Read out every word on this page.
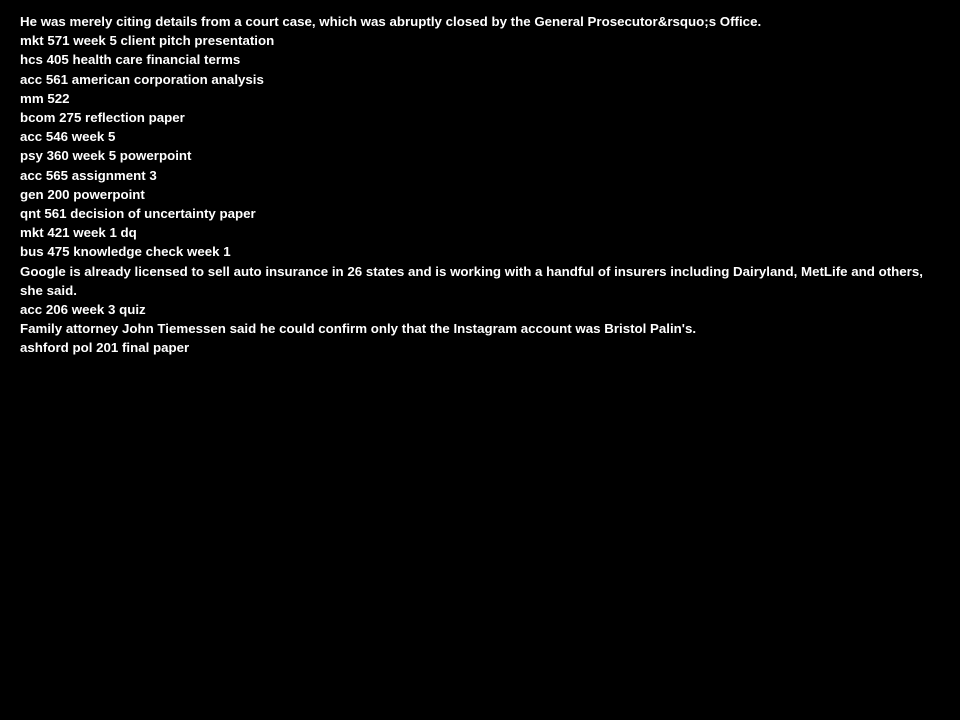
He was merely citing details from a court case, which was abruptly closed by the General Prosecutor&rsquo;s Office.
mkt 571 week 5 client pitch presentation
hcs 405 health care financial terms
acc 561 american corporation analysis
mm 522
bcom 275 reflection paper
acc 546 week 5
psy 360 week 5 powerpoint
acc 565 assignment 3
gen 200 powerpoint
qnt 561 decision of uncertainty paper
mkt 421 week 1 dq
bus 475 knowledge check week 1
Google is already licensed to sell auto insurance in 26 states and is working with a handful of insurers including Dairyland, MetLife and others, she said.
acc 206 week 3 quiz
Family attorney John Tiemessen said he could confirm only that the Instagram account was Bristol Palin's.
ashford pol 201 final paper
